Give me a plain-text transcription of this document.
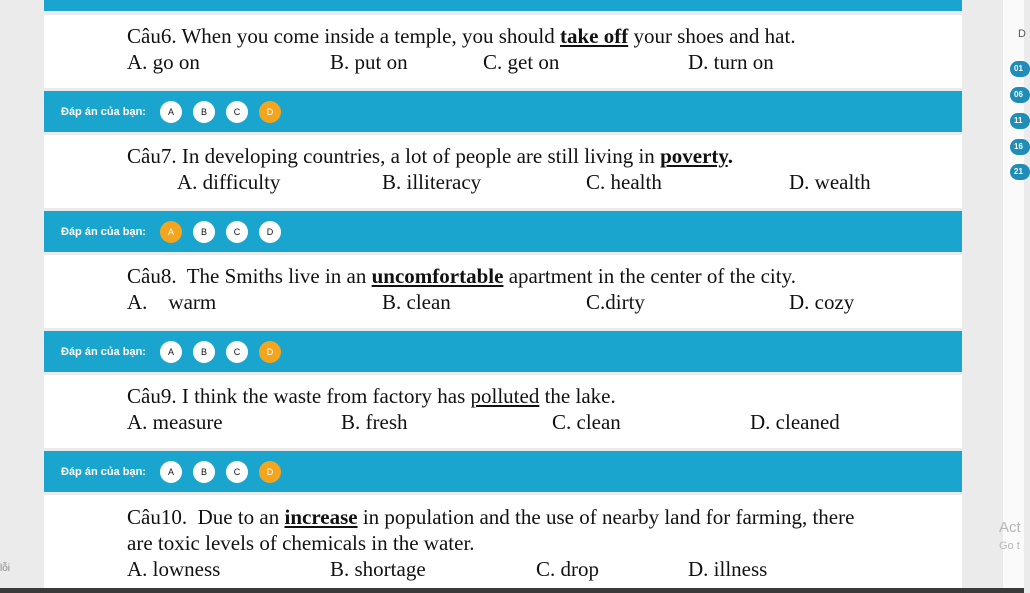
Câu6. When you come inside a temple, you should take off your shoes and hat.
A. go on	B. put on	C. get on	D. turn on
Đáp án của bạn:	A	B	C	D
Câu7. In developing countries, a lot of people are still living in poverty.
A. difficulty	B. illiteracy	C. health	D. wealth
Đáp án của bạn:	A	B	C	D
Câu8.  The Smiths live in an uncomfortable apartment in the center of the city.
A.    warm	B. clean	C.dirty	D. cozy
Đáp án của bạn:	A	B	C	D
Câu9. I think the waste from factory has polluted the lake.
A. measure	B. fresh	C. clean	D. cleaned
Đáp án của bạn:	A	B	C	D
Câu10.  Due to an increase in population and the use of nearby land for farming, there
are toxic levels of chemicals in the water.
A. lowness	B. shortage	C. drop	D. illness
D
01
06
11
16
21
Act
Go t
lỗi
